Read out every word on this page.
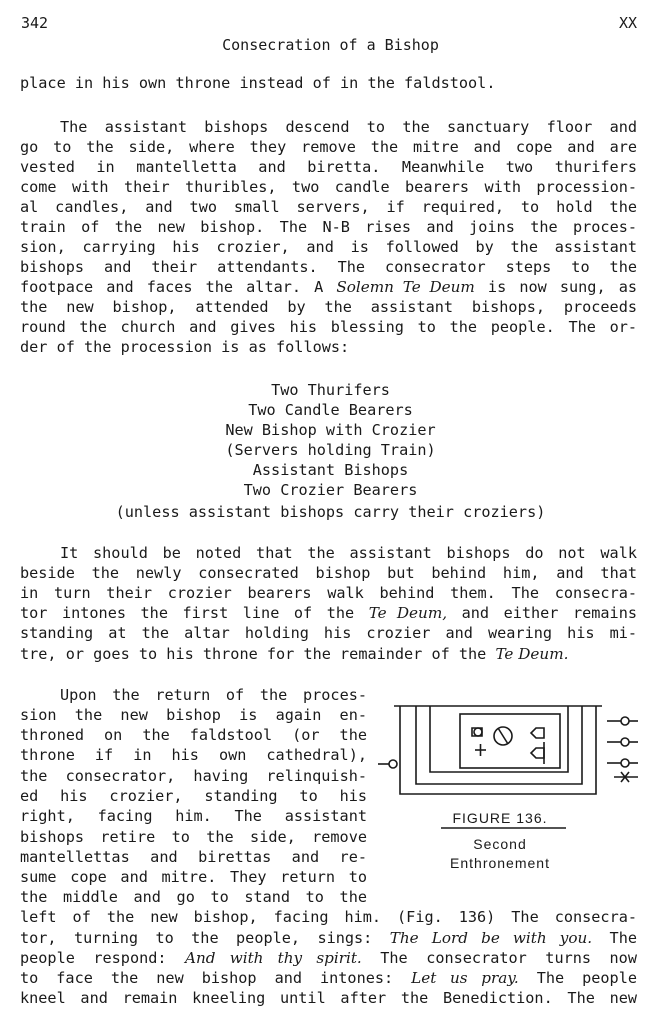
342	XX
Consecration of a Bishop
place in his own throne instead of in the faldstool.
The assistant bishops descend to the sanctuary floor and
go to the side, where they remove the mitre and cope and are
vested in mantelletta and biretta. Meanwhile two thurifers
come with their thuribles, two candle bearers with procession-
al candles, and two small servers, if required, to hold the
train of the new bishop. The N-B rises and joins the proces-
sion, carrying his crozier, and is followed by the assistant
bishops and their attendants. The consecrator steps to the
footpace and faces the altar. A Solemn Te Deum is now sung, as
the new bishop, attended by the assistant bishops, proceeds
round the church and gives his blessing to the people. The or-
der of the procession is as follows:
Two Thurifers
Two Candle Bearers
New Bishop with Crozier
(Servers holding Train)
Assistant Bishops
Two Crozier Bearers
(unless assistant bishops carry their croziers)
It should be noted that the assistant bishops do not walk
beside the newly consecrated bishop but behind him, and that
in turn their crozier bearers walk behind them. The consecra-
tor intones the first line of the Te Deum, and either remains
standing at the altar holding his crozier and wearing his mi-
tre, or goes to his throne for the remainder of the Te Deum.
Upon the return of the proces-
sion the new bishop is again en-
throned on the faldstool (or the
throne if in his own cathedral),
the consecrator, having relinquish-
ed his crozier, standing to his
right, facing him. The assistant
bishops retire to the side, remove
mantellettas and birettas and re-
sume cope and mitre. They return to
the middle and go to stand to the
left of the new bishop, facing him. (Fig. 136) The consecra-
tor, turning to the people, sings: The Lord be with you. The
people respond: And with thy spirit. The consecrator turns now
to face the new bishop and intones: Let us pray. The people
kneel and remain kneeling until after the Benediction. The new
FIGURE 136.
Second
Enthronement
